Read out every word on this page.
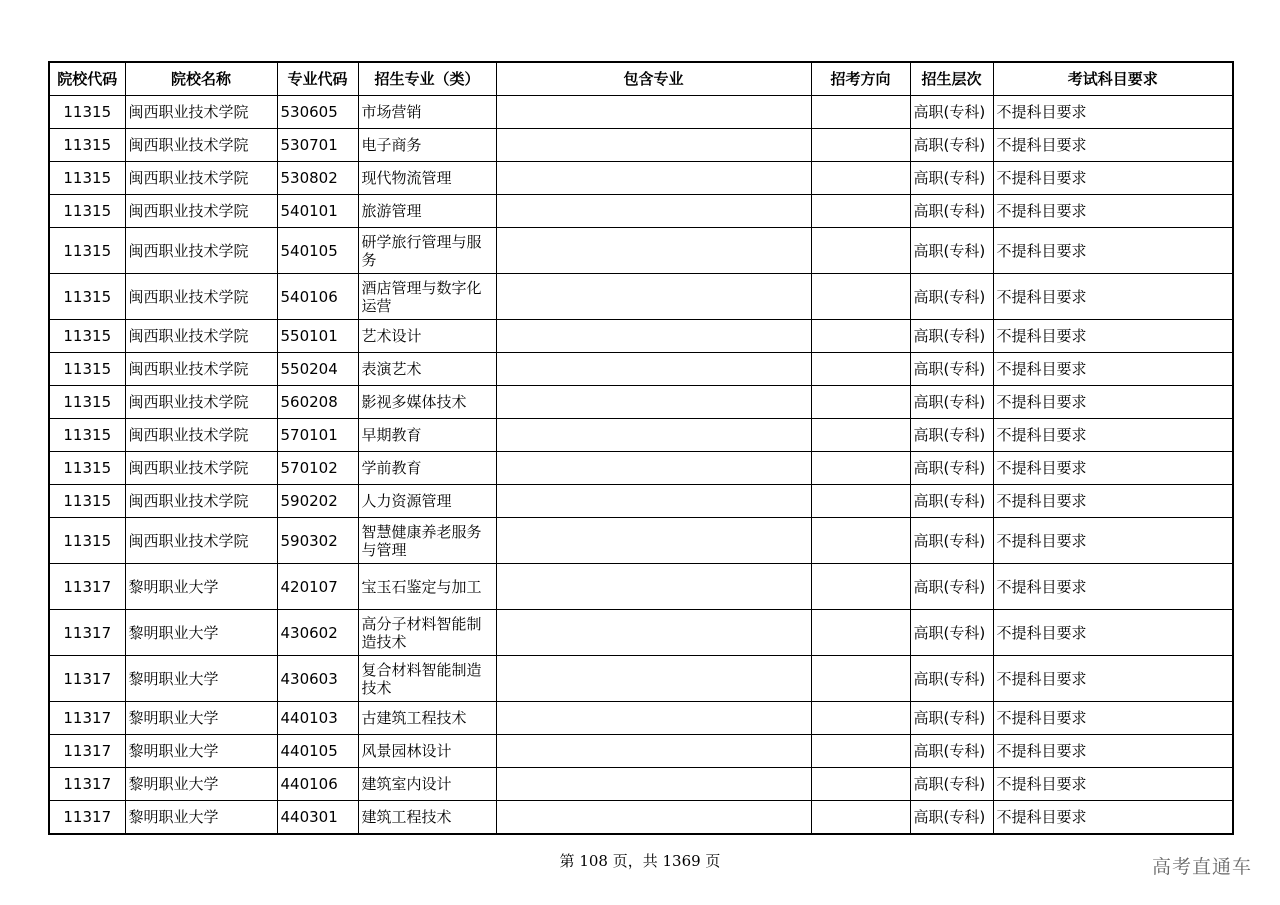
院校代码	院校名称	专业代码	招生专业（类）	包含专业	招考方向	招生层次	考试科目要求
11315	闽西职业技术学院	530605	市场营销			高职(专科)	不提科目要求
11315	闽西职业技术学院	530701	电子商务			高职(专科)	不提科目要求
11315	闽西职业技术学院	530802	现代物流管理			高职(专科)	不提科目要求
11315	闽西职业技术学院	540101	旅游管理			高职(专科)	不提科目要求
11315	闽西职业技术学院	540105	研学旅行管理与服务			高职(专科)	不提科目要求
11315	闽西职业技术学院	540106	酒店管理与数字化运营			高职(专科)	不提科目要求
11315	闽西职业技术学院	550101	艺术设计			高职(专科)	不提科目要求
11315	闽西职业技术学院	550204	表演艺术			高职(专科)	不提科目要求
11315	闽西职业技术学院	560208	影视多媒体技术			高职(专科)	不提科目要求
11315	闽西职业技术学院	570101	早期教育			高职(专科)	不提科目要求
11315	闽西职业技术学院	570102	学前教育			高职(专科)	不提科目要求
11315	闽西职业技术学院	590202	人力资源管理			高职(专科)	不提科目要求
11315	闽西职业技术学院	590302	智慧健康养老服务与管理			高职(专科)	不提科目要求
11317	黎明职业大学	420107	宝玉石鉴定与加工			高职(专科)	不提科目要求
11317	黎明职业大学	430602	高分子材料智能制造技术			高职(专科)	不提科目要求
11317	黎明职业大学	430603	复合材料智能制造技术			高职(专科)	不提科目要求
11317	黎明职业大学	440103	古建筑工程技术			高职(专科)	不提科目要求
11317	黎明职业大学	440105	风景园林设计			高职(专科)	不提科目要求
11317	黎明职业大学	440106	建筑室内设计			高职(专科)	不提科目要求
11317	黎明职业大学	440301	建筑工程技术			高职(专科)	不提科目要求
第 108 页，共 1369 页	高考直通车
